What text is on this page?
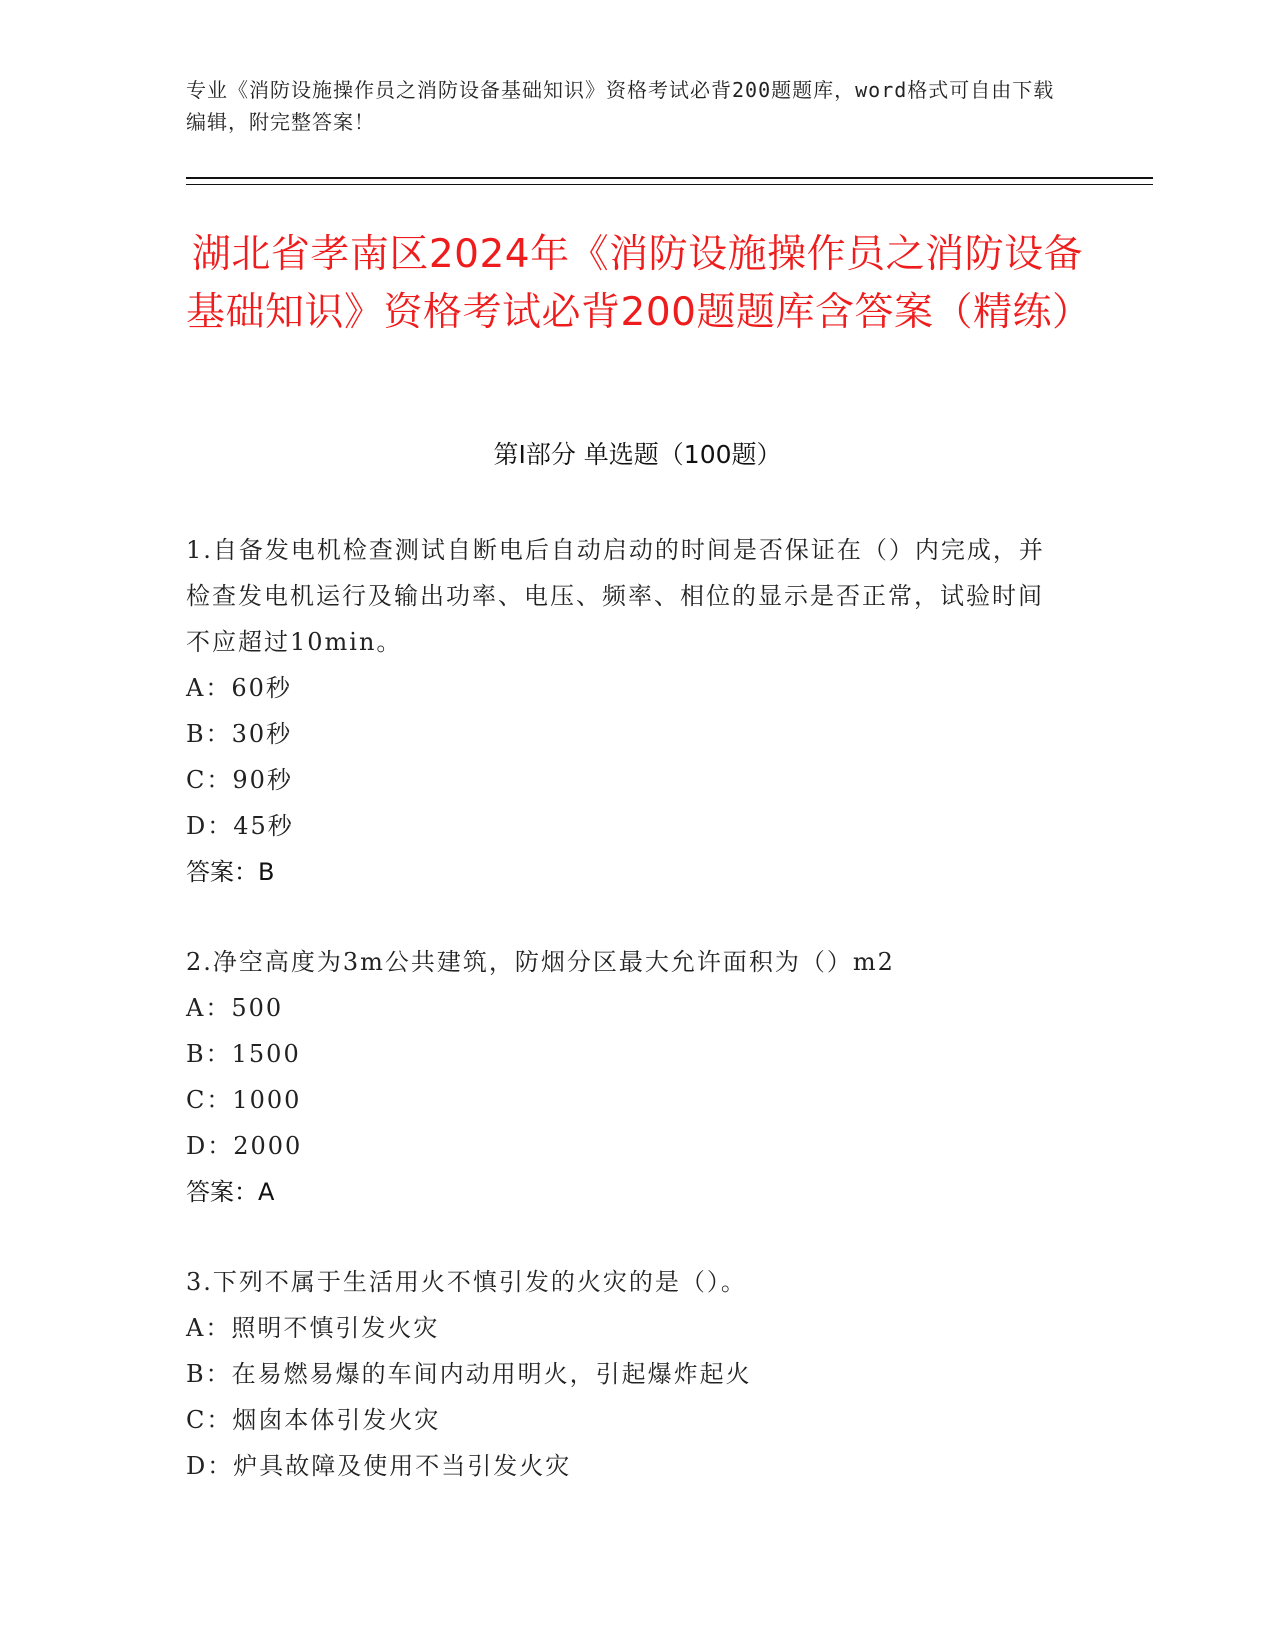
专业《消防设施操作员之消防设备基础知识》资格考试必背200题题库，word格式可自由下载编辑，附完整答案！
湖北省孝南区2024年《消防设施操作员之消防设备基础知识》资格考试必背200题题库含答案（精练）
第Ⅰ部分 单选题（100题）
1.自备发电机检查测试自断电后自动启动的时间是否保证在（）内完成，并检查发电机运行及输出功率、电压、频率、相位的显示是否正常，试验时间不应超过10min。
A：60秒
B：30秒
C：90秒
D：45秒
答案：B
2.净空高度为3m公共建筑，防烟分区最大允许面积为（）m2
A：500
B：1500
C：1000
D：2000
答案：A
3.下列不属于生活用火不慎引发的火灾的是（）。
A：照明不慎引发火灾
B：在易燃易爆的车间内动用明火，引起爆炸起火
C：烟囱本体引发火灾
D：炉具故障及使用不当引发火灾
